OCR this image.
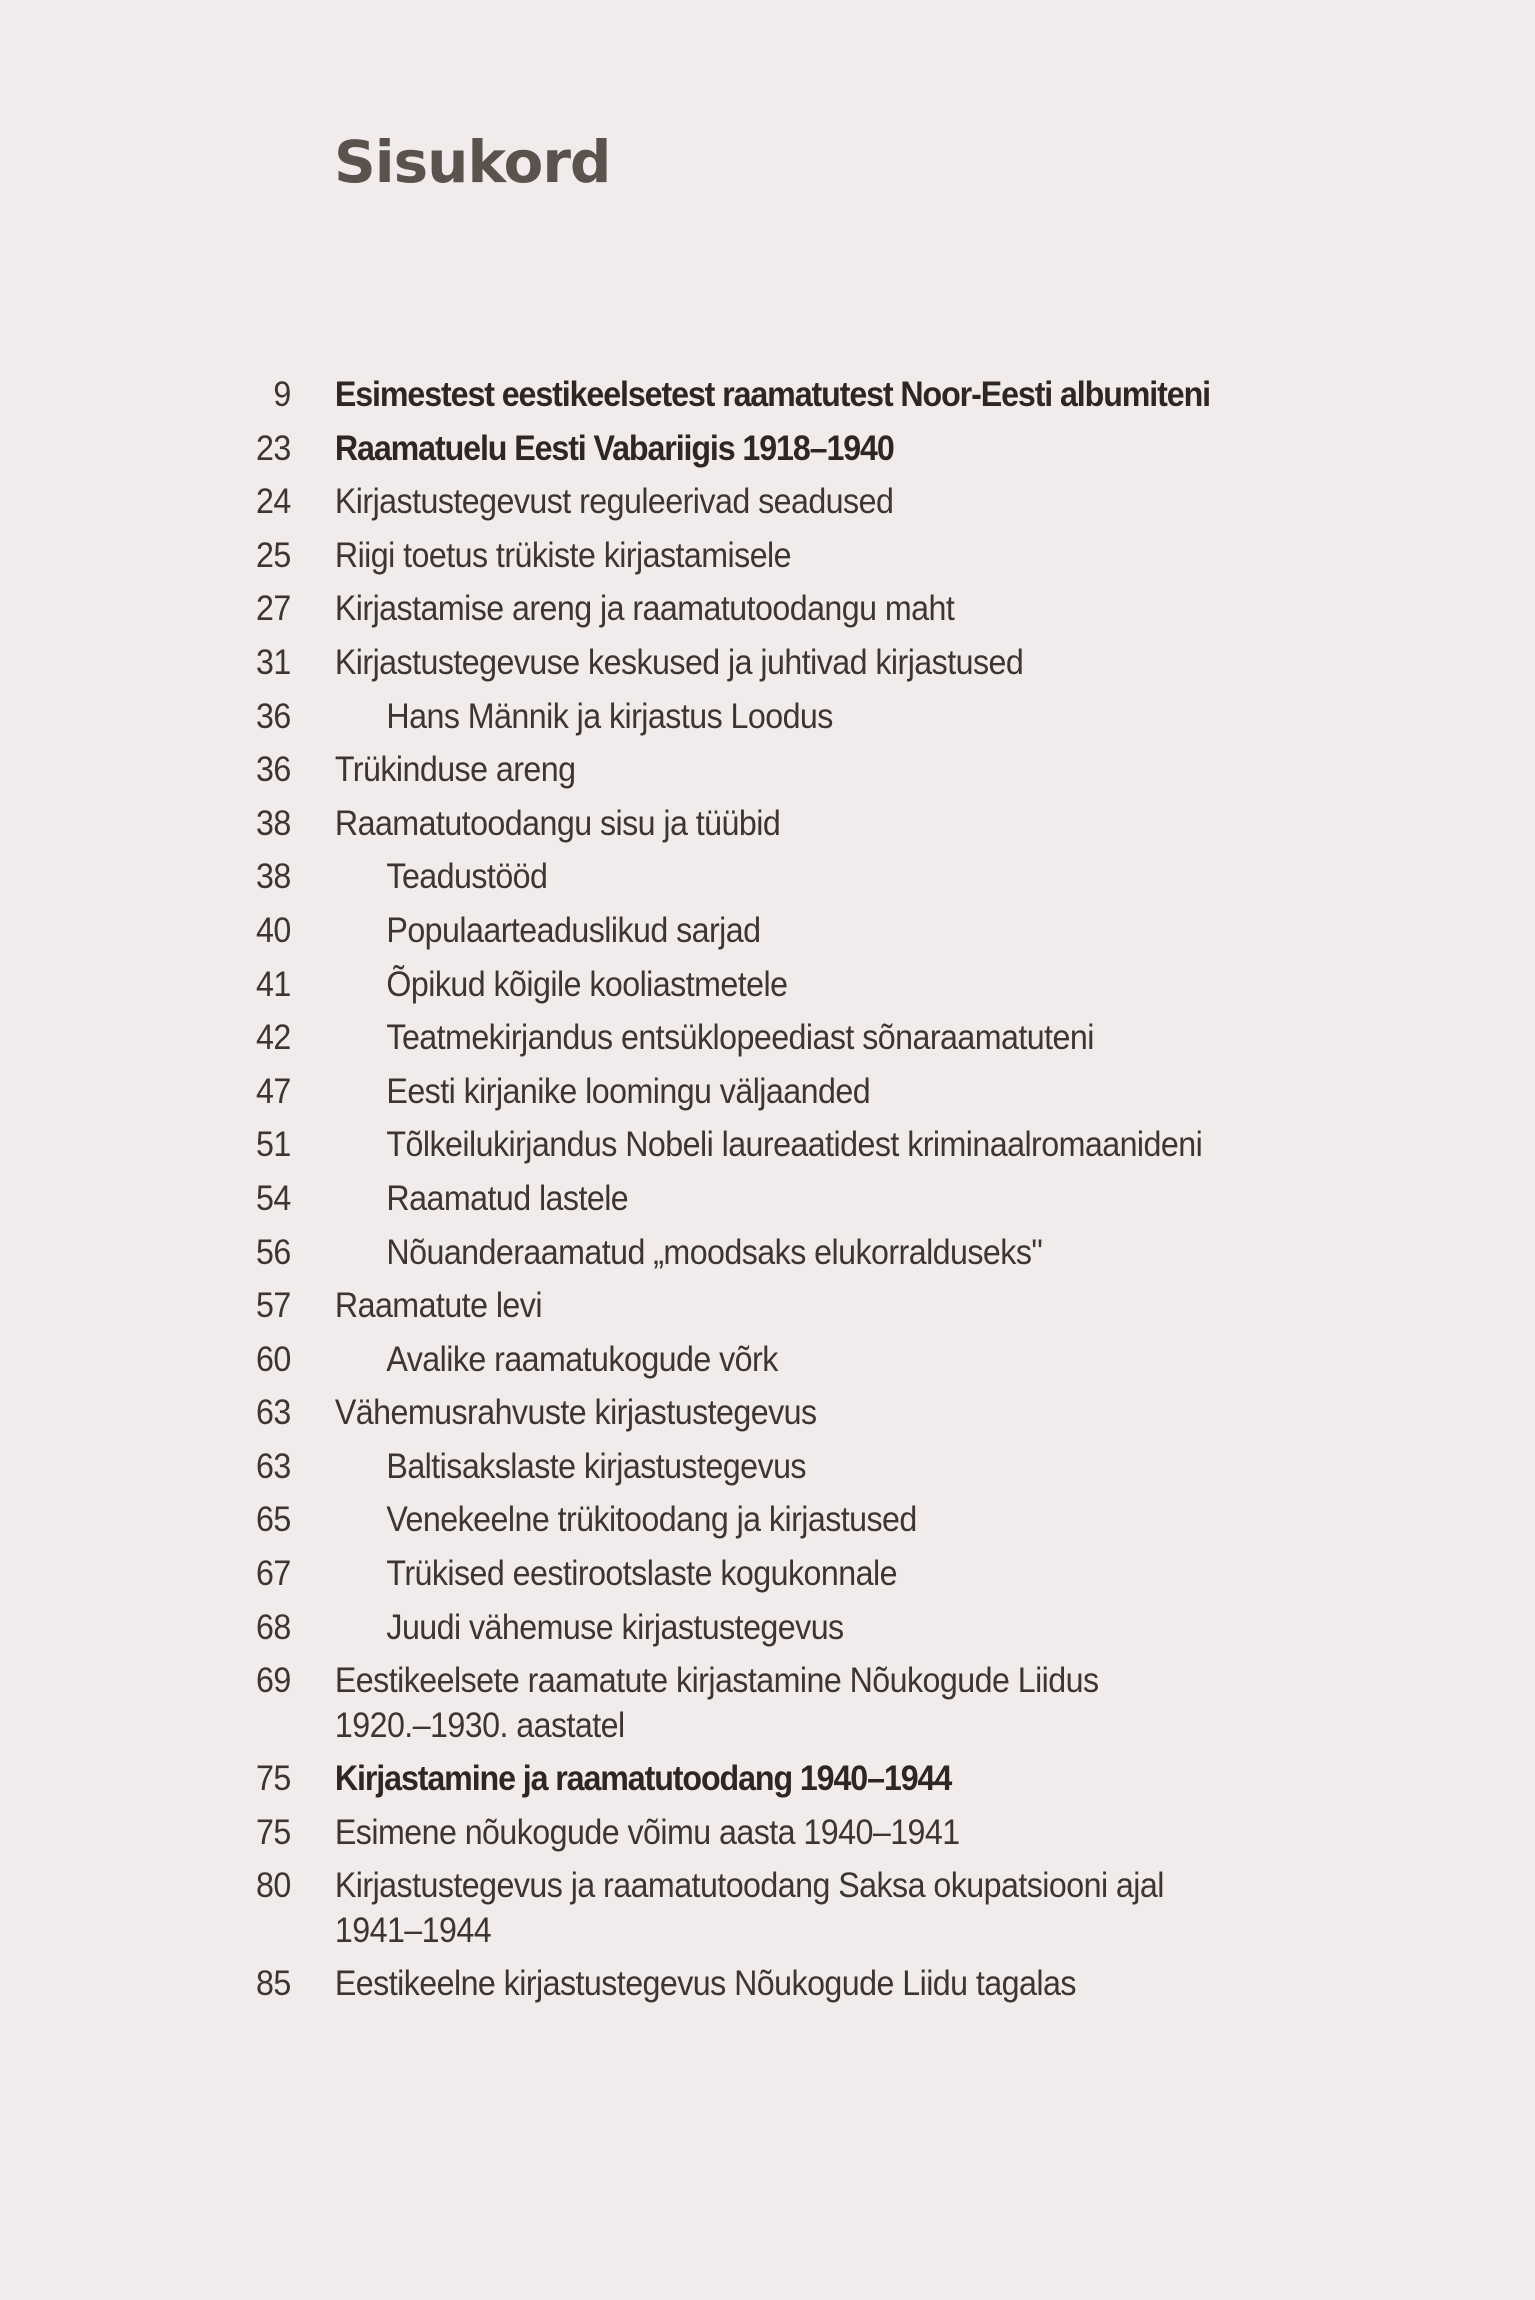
Sisukord
9	Esimestest eestikeelsetest raamatutest Noor-Eesti albumiteni
23	Raamatuelu Eesti Vabariigis 1918–1940
24	Kirjastustegevust reguleerivad seadused
25	Riigi toetus trükiste kirjastamisele
27	Kirjastamise areng ja raamatutoodangu maht
31	Kirjastustegevuse keskused ja juhtivad kirjastused
36	Hans Männik ja kirjastus Loodus
36	Trükinduse areng
38	Raamatutoodangu sisu ja tüübid
38	Teadustööd
40	Populaarteaduslikud sarjad
41	Õpikud kõigile kooliastmetele
42	Teatmekirjandus entsüklopeediast sõnaraamatuteni
47	Eesti kirjanike loomingu väljaanded
51	Tõlkeilukirjandus Nobeli laureaatidest kriminaalromaanideni
54	Raamatud lastele
56	Nõuanderaamatud „moodsaks elukorralduseks"
57	Raamatute levi
60	Avalike raamatukogude võrk
63	Vähemusrahvuste kirjastustegevus
63	Baltisakslaste kirjastustegevus
65	Venekeelne trükitoodang ja kirjastused
67	Trükised eestirootslaste kogukonnale
68	Juudi vähemuse kirjastustegevus
69	Eestikeelsete raamatute kirjastamine Nõukogude Liidus
1920.–1930. aastatel
75	Kirjastamine ja raamatutoodang 1940–1944
75	Esimene nõukogude võimu aasta 1940–1941
80	Kirjastustegevus ja raamatutoodang Saksa okupatsiooni ajal
1941–1944
85	Eestikeelne kirjastustegevus Nõukogude Liidu tagalas
